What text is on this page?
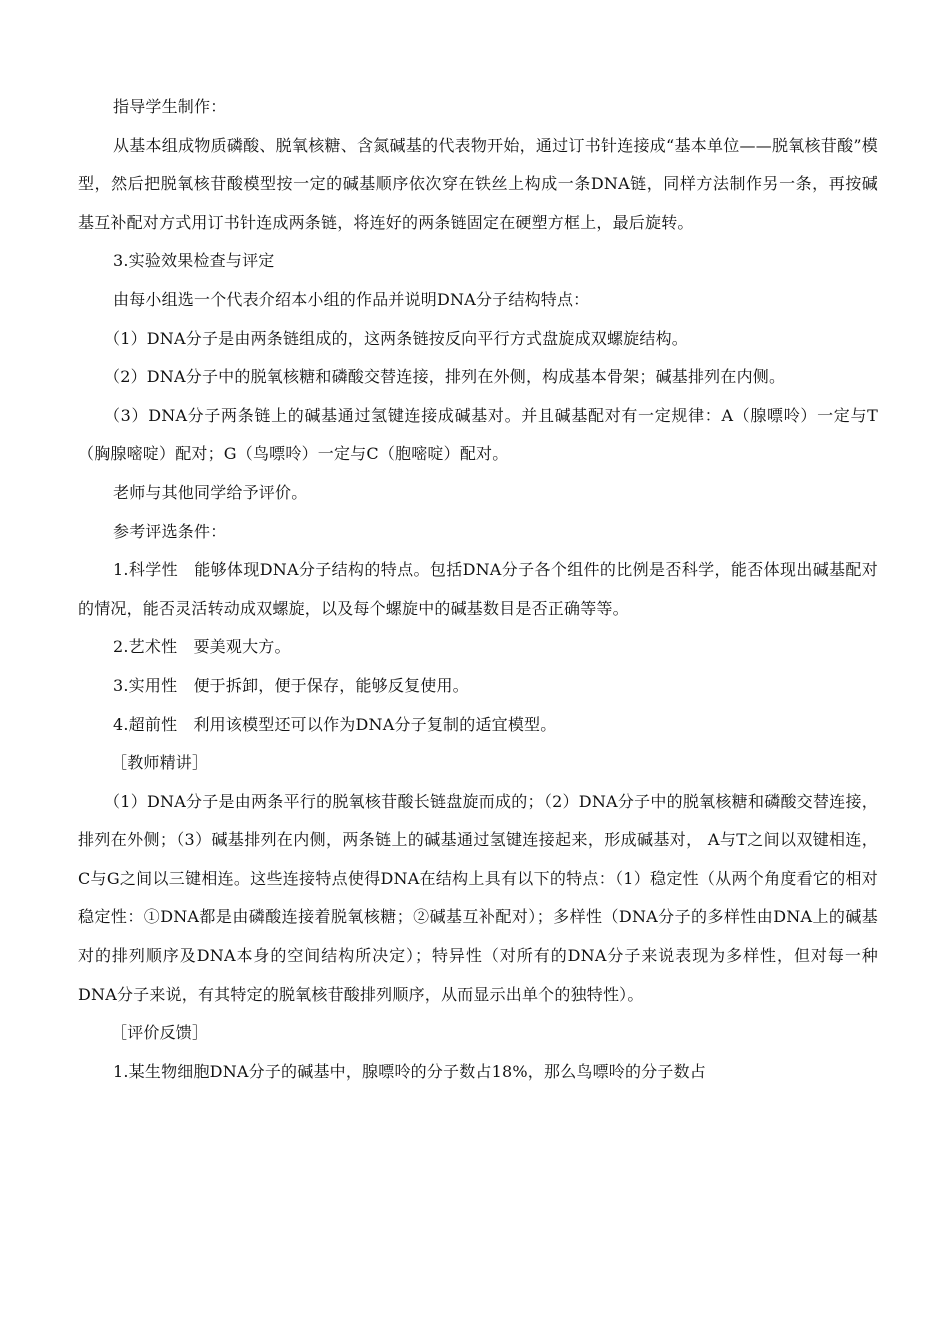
指导学生制作：

从基本组成物质磷酸、脱氧核糖、含氮碱基的代表物开始，通过订书针连接成“基本单位——脱氧核苷酸”模型，然后把脱氧核苷酸模型按一定的碱基顺序依次穿在铁丝上构成一条DNA链，同样方法制作另一条，再按碱基互补配对方式用订书针连成两条链，将连好的两条链固定在硬塑方框上，最后旋转。

3.实验效果检查与评定

由每小组选一个代表介绍本小组的作品并说明DNA分子结构特点：

（1）DNA分子是由两条链组成的，这两条链按反向平行方式盘旋成双螺旋结构。

（2）DNA分子中的脱氧核糖和磷酸交替连接，排列在外侧，构成基本骨架；碱基排列在内侧。

（3）DNA分子两条链上的碱基通过氢键连接成碱基对。并且碱基配对有一定规律：A（腺嘌呤）一定与T（胸腺嘧啶）配对；G（鸟嘌呤）一定与C（胞嘧啶）配对。

老师与其他同学给予评价。

参考评选条件：

1.科学性　能够体现DNA分子结构的特点。包括DNA分子各个组件的比例是否科学，能否体现出碱基配对的情况，能否灵活转动成双螺旋，以及每个螺旋中的碱基数目是否正确等等。

2.艺术性　要美观大方。

3.实用性　便于拆卸，便于保存，能够反复使用。

4.超前性　利用该模型还可以作为DNA分子复制的适宜模型。

［教师精讲］

（1）DNA分子是由两条平行的脱氧核苷酸长链盘旋而成的；（2）DNA分子中的脱氧核糖和磷酸交替连接，排列在外侧；（3）碱基排列在内侧，两条链上的碱基通过氢键连接起来，形成碱基对， A与T之间以双键相连，C与G之间以三键相连。这些连接特点使得DNA在结构上具有以下的特点：（1）稳定性（从两个角度看它的相对稳定性：①DNA都是由磷酸连接着脱氧核糖；②碱基互补配对）；多样性（DNA分子的多样性由DNA上的碱基对的排列顺序及DNA本身的空间结构所决定）；特异性（对所有的DNA分子来说表现为多样性，但对每一种DNA分子来说，有其特定的脱氧核苷酸排列顺序，从而显示出单个的独特性）。

［评价反馈］

1.某生物细胞DNA分子的碱基中，腺嘌呤的分子数占18%，那么鸟嘌呤的分子数占
